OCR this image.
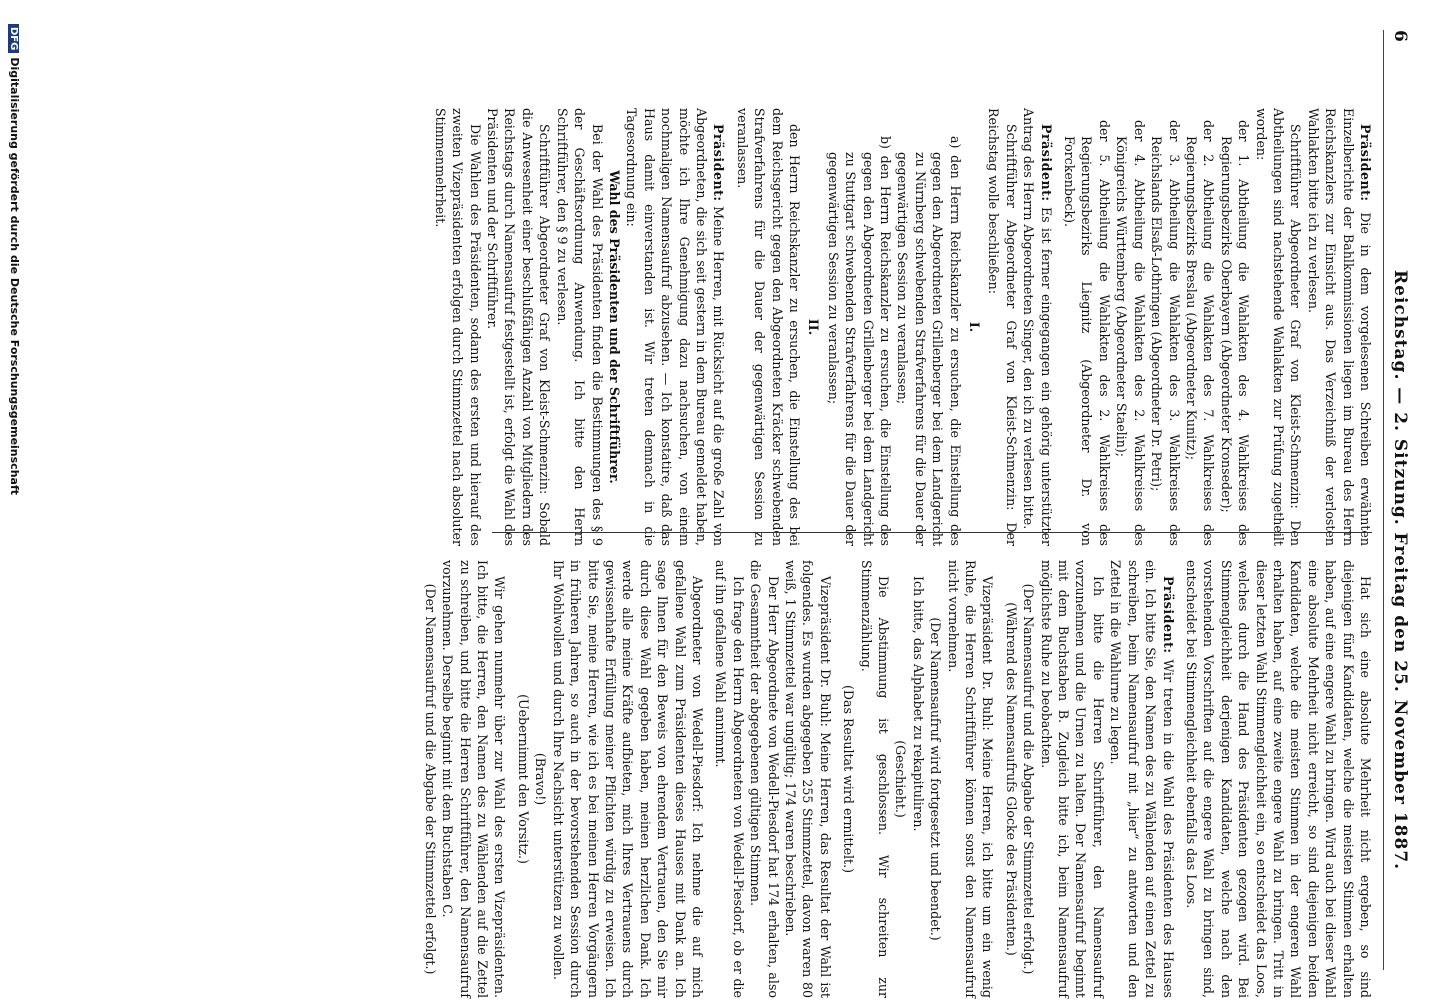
6
Reichstag. — 2. Sitzung. Freitag den 25. November 1887.

Präsident: Die in dem vorgelesenen Schreiben erwähnten Einzelberichte der Bahlkommissionen liegen im Bureau des Herrn Reichskanzlers zur Einsicht aus. Das Verzeichniß der verlosten Wahlakten bitte ich zu verlesen.

Schriftführer Abgeordneter Graf von Kleist-Schmenzin: Den Abtheilungen sind nachstehende Wahlakten zur Prüfung zugetheilt worden:

der 1. Abtheilung die Wahlakten des 4. Wahlkreises des Regierungsbezirks Oberbayern (Abgeordneter Kronseder);

der 2. Abtheilung die Wahlakten des 7. Wahlkreises des Regierungsbezirks Breslau (Abgeordneter Kunitz);

der 3. Abtheilung die Wahlakten des 3. Wahlkreises des Reichslands Elsaß-Lothringen (Abgeordneter Dr. Petri);

der 4. Abtheilung die Wahlakten des 2. Wahlkreises des Königreichs Württemberg (Abgeordneter Staelin);

der 5. Abtheilung die Wahlakten des 2. Wahlkreises des Regierungsbezirks Liegnitz (Abgeordneter Dr. von Forckenbeck).

Präsident: Es ist ferner eingegangen ein gehörig unterstützter Antrag des Herrn Abgeordneten Singer, den ich zu verlesen bitte.

Schriftführer Abgeordneter Graf von Kleist-Schmenzin: Der Reichstag wolle beschließen:

I.

a) den Herrn Reichskanzler zu ersuchen, die Einstellung des gegen den Abgeordneten Grillenberger bei dem Landgericht zu Nürnberg schwebenden Strafverfahrens für die Dauer der gegenwärtigen Session zu veranlassen;

b) den Herrn Reichskanzler zu ersuchen, die Einstellung des gegen den Abgeordneten Grillenberger bei dem Landgericht zu Stuttgart schwebenden Strafverfahrens für die Dauer der gegenwärtigen Session zu veranlassen;

II.

den Herrn Reichskanzler zu ersuchen, die Einstellung des bei dem Reichsgericht gegen den Abgeordneten Kräcker schwebenden Strafverfahrens für die Dauer der gegenwärtigen Session zu veranlassen.

Präsident: Meine Herren, mit Rücksicht auf die große Zahl von Abgeordneten, die sich seit gestern in dem Bureau gemeldet haben, möchte ich Ihre Genehmigung dazu nachsuchen, von einem nochmaligen Namensaufruf abzusehen. — Ich konstatire, daß das Haus damit einverstanden ist. Wir treten demnach in die Tagesordnung ein:

Wahl des Präsidenten und der Schriftführer.

Bei der Wahl des Präsidenten finden die Bestimmungen des § 9 der Geschäftsordnung Anwendung. Ich bitte den Herrn Schriftführer, den § 9 zu verlesen.

Schriftführer Abgeordneter Graf von Kleist-Schmenzin: Sobald die Anwesenheit einer beschlußfähigen Anzahl von Mitgliedern des Reichstags durch Namensaufruf festgestellt ist, erfolgt die Wahl des Präsidenten und der Schriftführer.

Die Wahlen des Präsidenten, sodann des ersten und hierauf des zweiten Vizepräsidenten erfolgen durch Stimmzettel nach absoluter Stimmenmehrheit.

Hat sich eine absolute Mehrheit nicht ergeben, so sind diejenigen fünf Kandidaten, welche die meisten Stimmen erhalten haben, auf eine engere Wahl zu bringen. Wird auch bei dieser Wahl eine absolute Mehrheit nicht erreicht, so sind diejenigen beiden Kandidaten, welche die meisten Stimmen in der engeren Wahl erhalten haben, auf eine zweite engere Wahl zu bringen. Tritt in dieser letzten Wahl Stimmengleichheit ein, so entscheidet das Loos, welches durch die Hand des Präsidenten gezogen wird. Bei Stimmengleichheit derjenigen Kandidaten, welche nach den vorstehenden Vorschriften auf die engere Wahl zu bringen sind, entscheidet bei Stimmengleichheit ebenfalls das Loos.

Präsident: Wir treten in die Wahl des Präsidenten des Hauses ein. Ich bitte Sie, den Namen des zu Wählenden auf einen Zettel zu schreiben, beim Namensaufruf mit „hier“ zu antworten und den Zettel in die Wahlurne zu legen.

Ich bitte die Herren Schriftführer, den Namensaufruf vorzunehmen und die Urnen zu halten. Der Namensaufruf beginnt mit dem Buchstaben B. Zugleich bitte ich, beim Namensaufruf möglichste Ruhe zu beobachten.

(Der Namensaufruf und die Abgabe der Stimmzettel erfolgt.)

(Während des Namensaufrufs Glocke des Präsidenten.)

Vizepräsident Dr. Buhl: Meine Herren, ich bitte um ein wenig Ruhe, die Herren Schriftführer können sonst den Namensaufruf nicht vornehmen.

(Der Namensaufruf wird fortgesetzt und beendet.)

Ich bitte, das Alphabet zu rekapituliren.

(Geschieht.)

Die Abstimmung ist geschlossen. Wir schreiten zur Stimmenzählung.

(Das Resultat wird ermittelt.)

Vizepräsident Dr. Buhl: Meine Herren, das Resultat der Wahl ist folgendes. Es wurden abgegeben 255 Stimmzettel, davon waren 80 weiß, 1 Stimmzettel war ungültig; 174 waren beschrieben.

Der Herr Abgeordnete von Wedell-Piesdorf hat 174 erhalten, also die Gesammtheit der abgegebenen gültigen Stimmen.

Ich frage den Herrn Abgeordneten von Wedell-Piesdorf, ob er die auf ihn gefallene Wahl annimmt.

Abgeordneter von Wedell-Piesdorf: Ich nehme die auf mich gefallene Wahl zum Präsidenten dieses Hauses mit Dank an. Ich sage Ihnen für den Beweis von ehrendem Vertrauen, den Sie mir durch diese Wahl gegeben haben, meinen herzlichen Dank. Ich werde alle meine Kräfte aufbieten, mich Ihres Vertrauens durch gewissenhafte Erfüllung meiner Pflichten würdig zu erweisen. Ich bitte Sie, meine Herren, wie ich es bei meinen Herren Vorgängern in früheren Jahren, so auch in der bevorstehenden Session durch Ihr Wohlwollen und durch Ihre Nachsicht unterstützen zu wollen.

(Bravo!)

(Uebernimmt den Vorsitz.)

Wir gehen nunmehr über zur Wahl des ersten Vizepräsidenten. Ich bitte, die Herren, den Namen des zu Wählenden auf die Zettel zu schreiben, und bitte die Herren Schriftführer, den Namensaufruf vorzunehmen. Derselbe beginnt mit dem Buchstaben C.

(Der Namensaufruf und die Abgabe der Stimmzettel erfolgt.)

DFGDigitalisierung gefördert durch die Deutsche Forschungsgemeinschaft
